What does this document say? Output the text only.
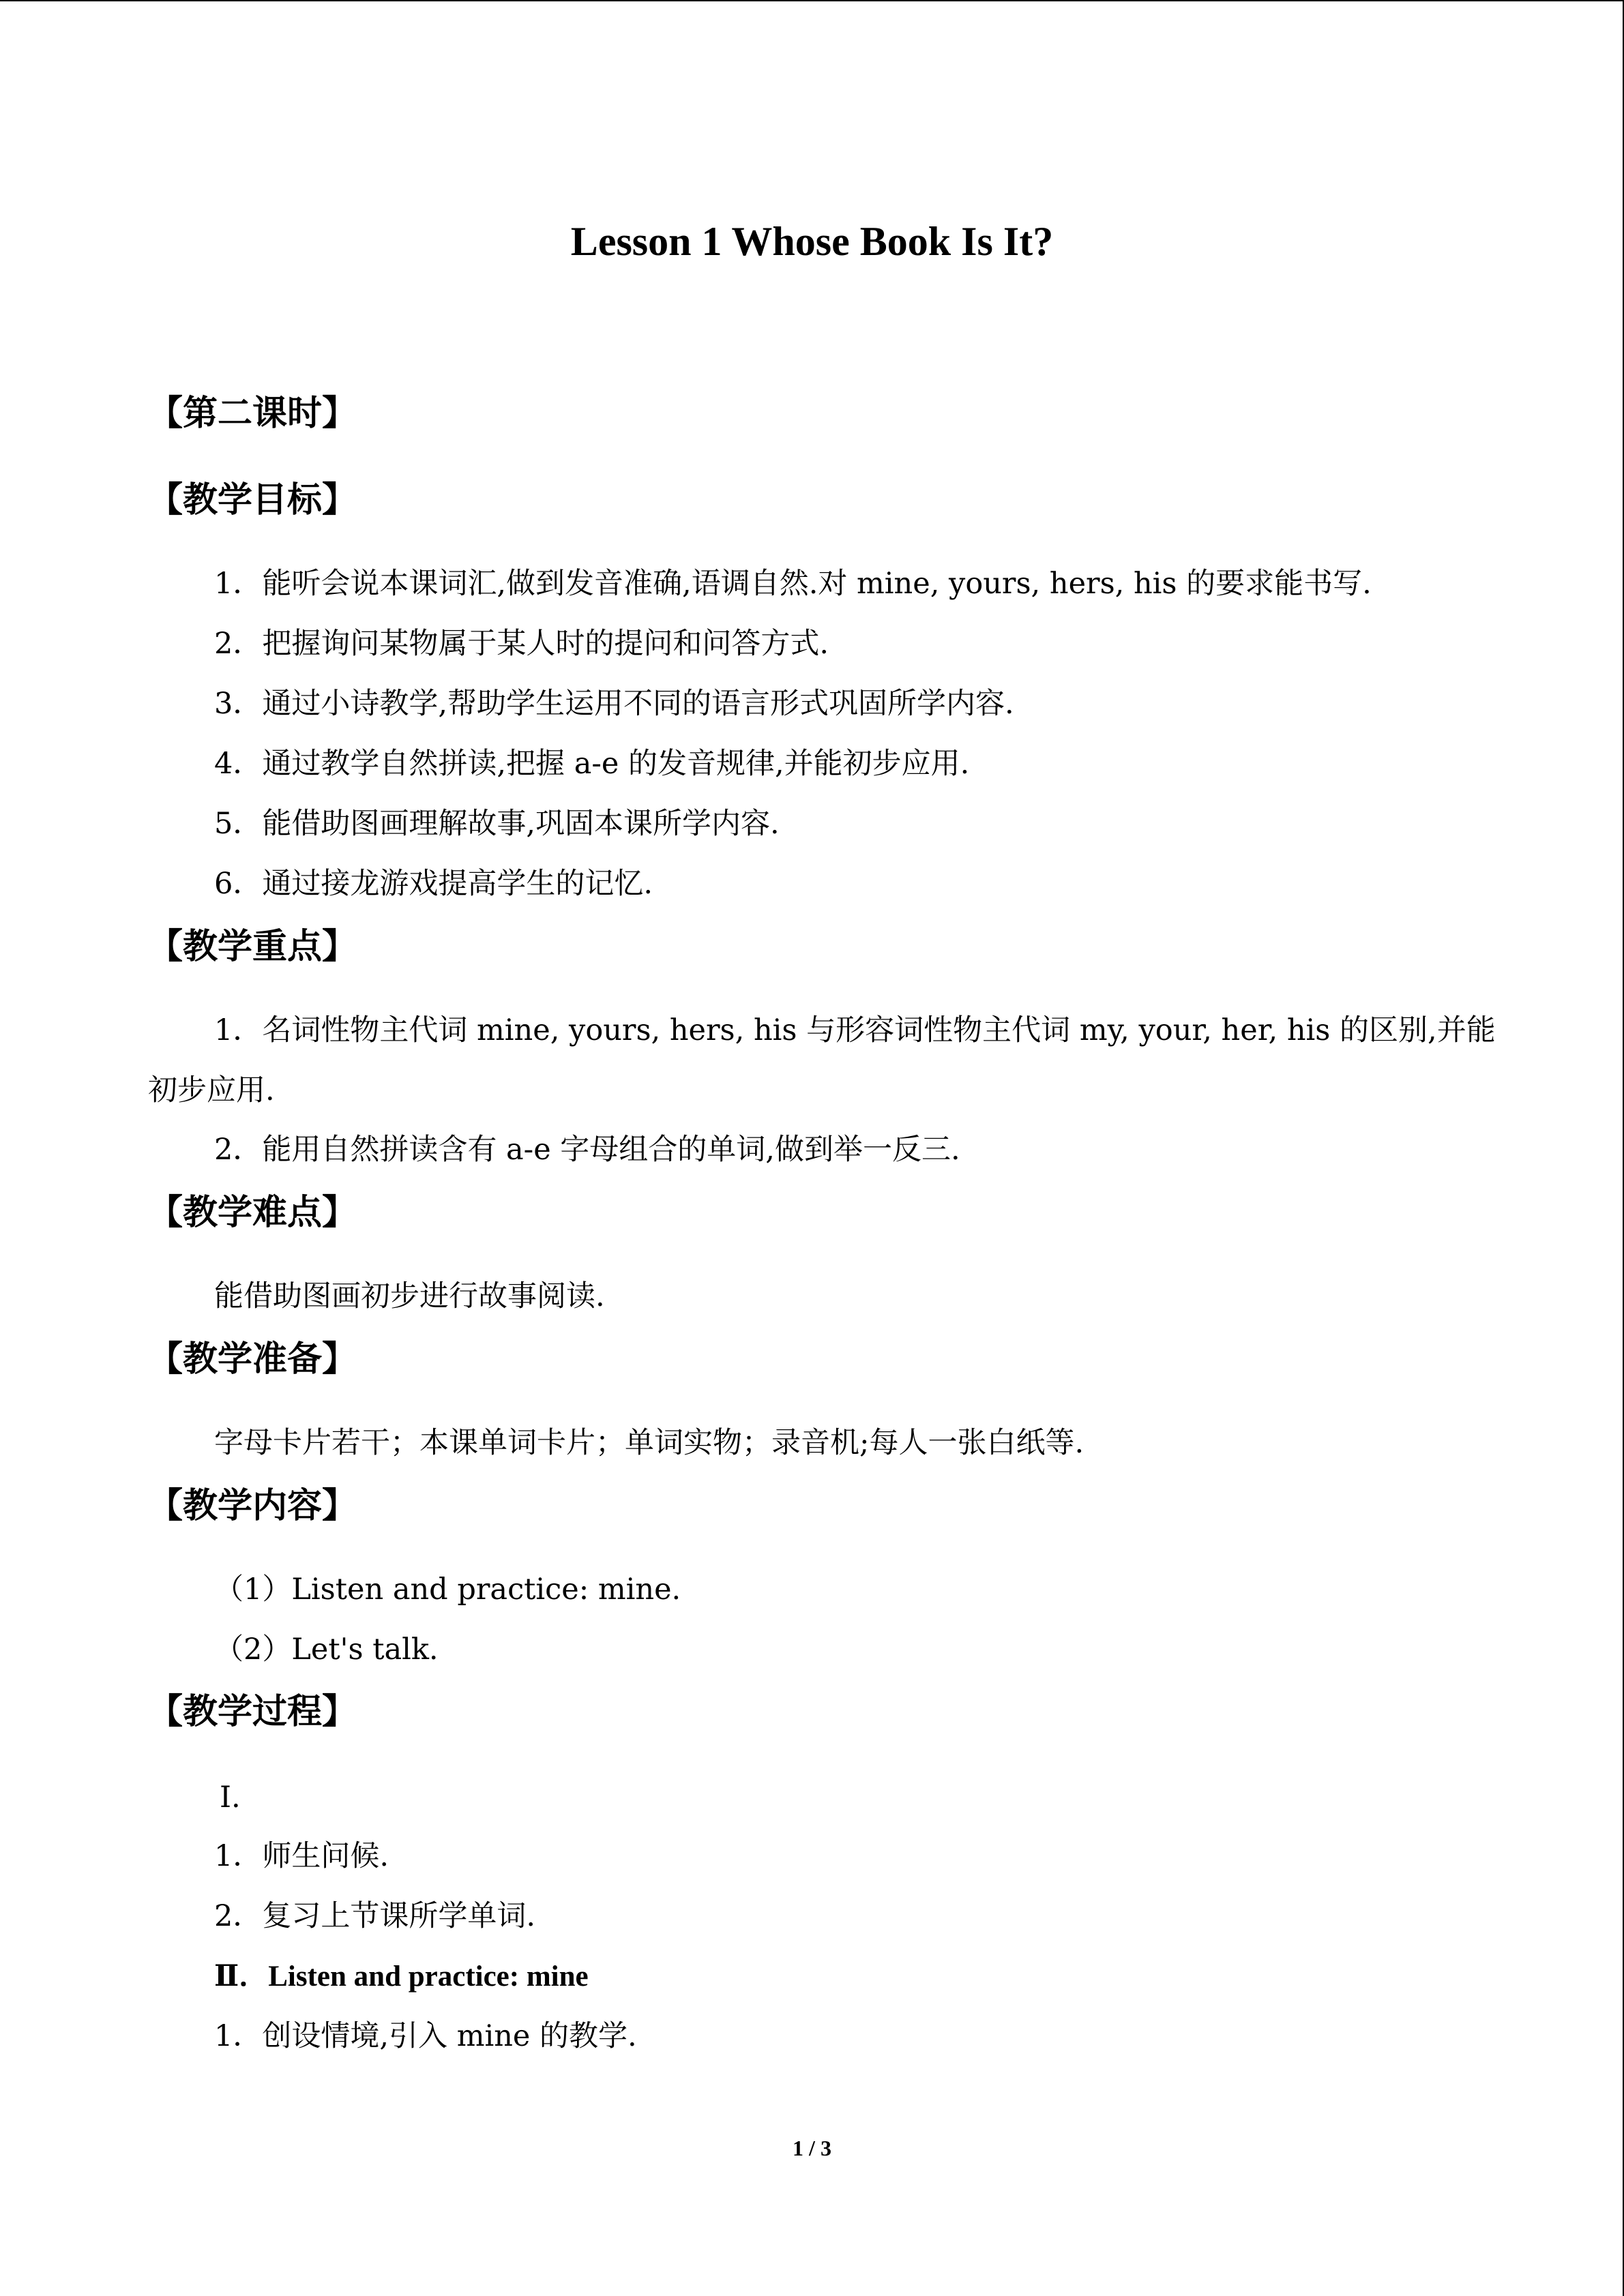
Lesson 1 Whose Book Is It?
【第二课时】
【教学目标】
1．能听会说本课词汇,做到发音准确,语调自然.对 mine, yours, hers, his 的要求能书写.
2．把握询问某物属于某人时的提问和问答方式.
3．通过小诗教学,帮助学生运用不同的语言形式巩固所学内容.
4．通过教学自然拼读,把握 a-e 的发音规律,并能初步应用.
5．能借助图画理解故事,巩固本课所学内容.
6．通过接龙游戏提高学生的记忆.
【教学重点】
1．名词性物主代词 mine, yours, hers, his 与形容词性物主代词 my, your, her, his 的区别,并能初步应用.
2．能用自然拼读含有 a-e 字母组合的单词,做到举一反三.
【教学难点】
能借助图画初步进行故事阅读.
【教学准备】
字母卡片若干；本课单词卡片；单词实物；录音机;每人一张白纸等.
【教学内容】
（1）Listen and practice: mine.
（2）Let's talk.
【教学过程】
Ⅰ.
1．师生问候.
2．复习上节课所学单词.
Ⅱ．Listen and practice: mine
1．创设情境,引入 mine 的教学.
1 / 3
